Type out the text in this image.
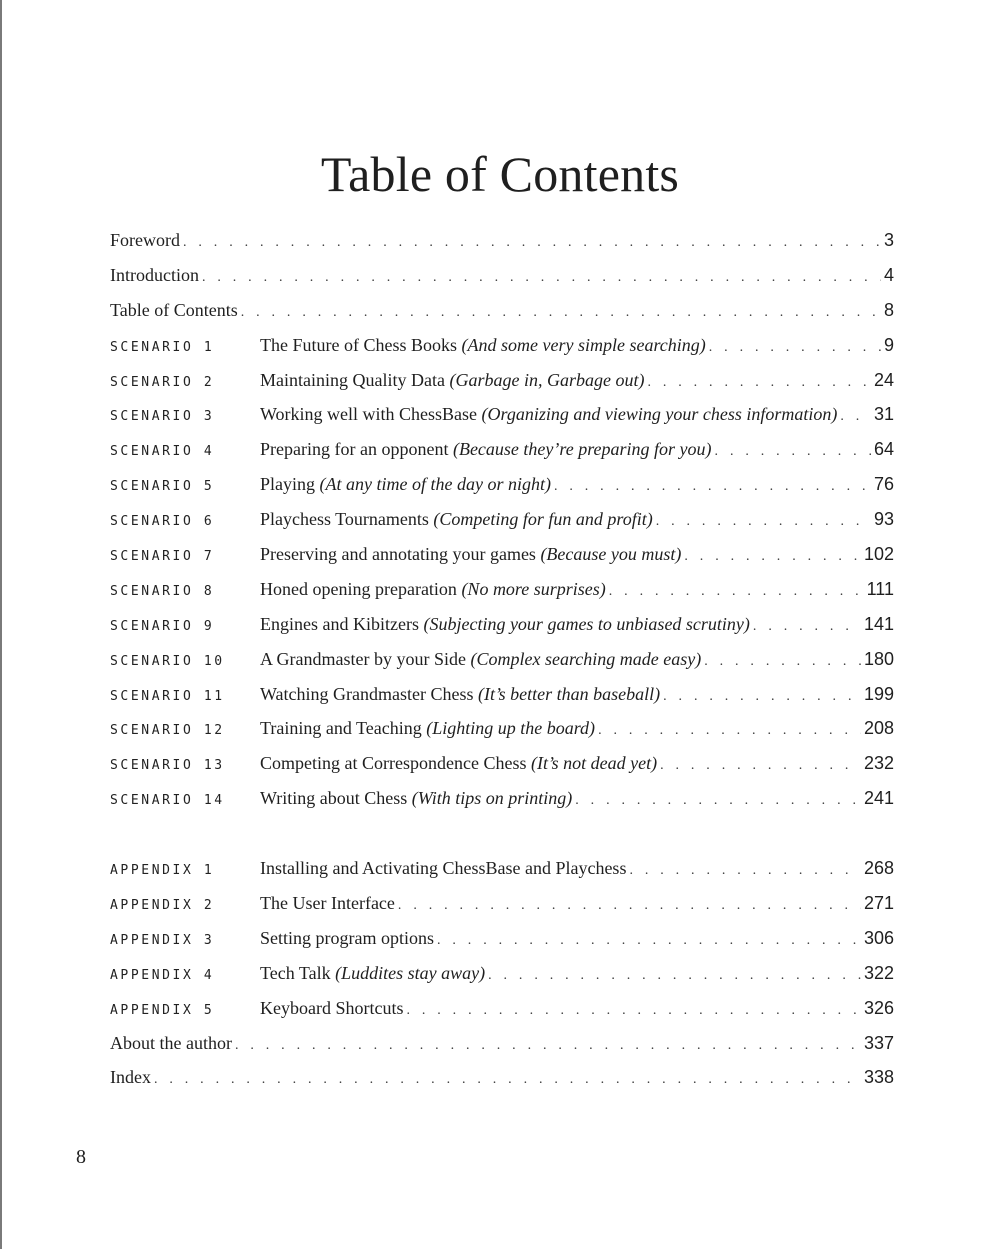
Table of Contents
Foreword . . .	3
Introduction . . .	4
Table of Contents . . .	8
SCENARIO 1	The Future of Chess Books (And some very simple searching) . . .	9
SCENARIO 2	Maintaining Quality Data (Garbage in, Garbage out) . . .	24
SCENARIO 3	Working well with ChessBase (Organizing and viewing your chess information) . . . 31
SCENARIO 4	Preparing for an opponent (Because they’re preparing for you) . . .	64
SCENARIO 5	Playing (At any time of the day or night) . . .	76
SCENARIO 6	Playchess Tournaments (Competing for fun and profit) . . .	93
SCENARIO 7	Preserving and annotating your games (Because you must) . . .	102
SCENARIO 8	Honed opening preparation (No more surprises) . . .	111
SCENARIO 9	Engines and Kibitzers (Subjecting your games to unbiased scrutiny) . . .	141
SCENARIO 10	A Grandmaster by your Side (Complex searching made easy) . . .	180
SCENARIO 11	Watching Grandmaster Chess (It’s better than baseball) . . .	199
SCENARIO 12	Training and Teaching (Lighting up the board) . . .	208
SCENARIO 13	Competing at Correspondence Chess (It’s not dead yet) . . .	232
SCENARIO 14	Writing about Chess (With tips on printing) . . .	241
APPENDIX 1	Installing and Activating ChessBase and Playchess . . .	268
APPENDIX 2	The User Interface . . .	271
APPENDIX 3	Setting program options . . .	306
APPENDIX 4	Tech Talk (Luddites stay away) . . .	322
APPENDIX 5	Keyboard Shortcuts . . .	326
About the author . . .	337
Index . . .	338
8
